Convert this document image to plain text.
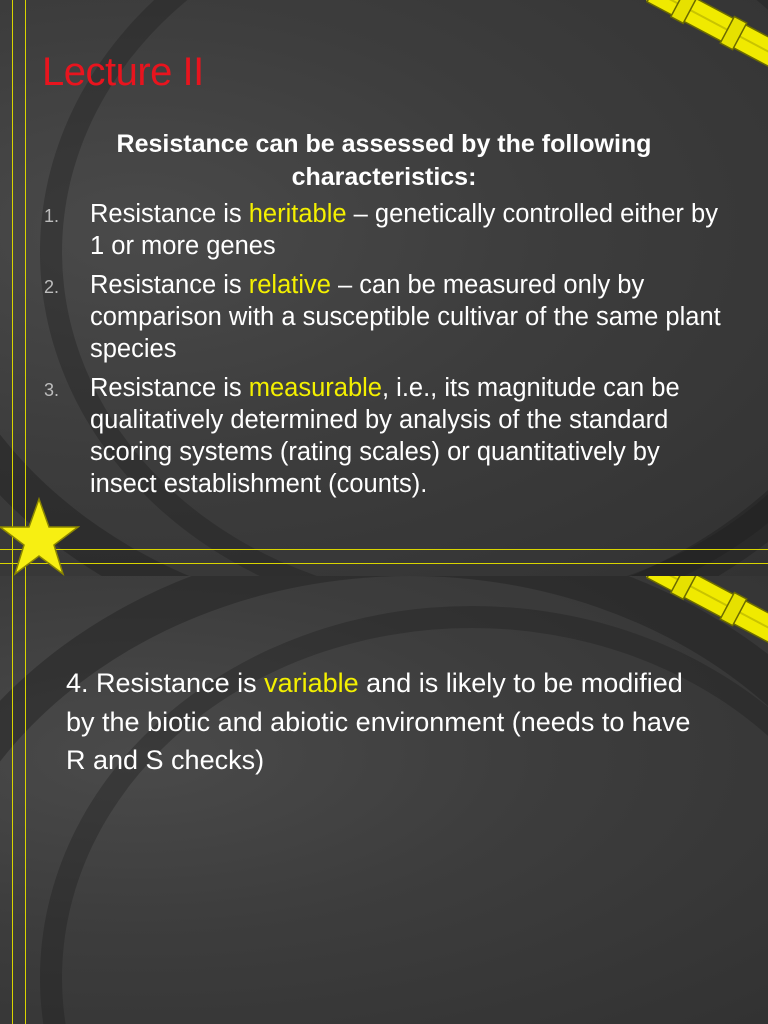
Lecture II

Resistance can be assessed by the following characteristics:

1. Resistance is heritable – genetically controlled either by 1 or more genes
2. Resistance is relative – can be measured only by comparison with a susceptible cultivar of the same plant species
3. Resistance is measurable, i.e., its magnitude can be qualitatively determined by analysis of the standard scoring systems (rating scales) or quantitatively by insect establishment (counts).

4. Resistance is variable and is likely to be modified by the biotic and abiotic environment (needs to have R and S checks)
